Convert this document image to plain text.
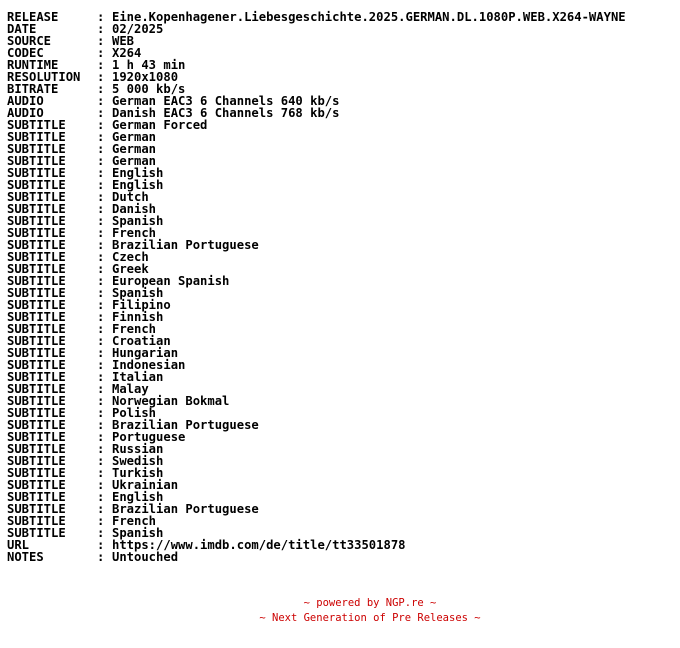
RELEASE	: Eine.Kopenhagener.Liebesgeschichte.2025.GERMAN.DL.1080P.WEB.X264-WAYNE
DATE	: 02/2025
SOURCE	: WEB
CODEC	: X264
RUNTIME	: 1 h 43 min
RESOLUTION : 1920x1080
BITRATE	: 5 000 kb/s
AUDIO	: German EAC3 6 Channels 640 kb/s
AUDIO	: Danish EAC3 6 Channels 768 kb/s
SUBTITLE	: German Forced
SUBTITLE	: German
SUBTITLE	: German
SUBTITLE	: German
SUBTITLE	: English
SUBTITLE	: English
SUBTITLE	: Dutch
SUBTITLE	: Danish
SUBTITLE	: Spanish
SUBTITLE	: French
SUBTITLE	: Brazilian Portuguese
SUBTITLE	: Czech
SUBTITLE	: Greek
SUBTITLE	: European Spanish
SUBTITLE	: Spanish
SUBTITLE	: Filipino
SUBTITLE	: Finnish
SUBTITLE	: French
SUBTITLE	: Croatian
SUBTITLE	: Hungarian
SUBTITLE	: Indonesian
SUBTITLE	: Italian
SUBTITLE	: Malay
SUBTITLE	: Norwegian Bokmal
SUBTITLE	: Polish
SUBTITLE	: Brazilian Portuguese
SUBTITLE	: Portuguese
SUBTITLE	: Russian
SUBTITLE	: Swedish
SUBTITLE	: Turkish
SUBTITLE	: Ukrainian
SUBTITLE	: English
SUBTITLE	: Brazilian Portuguese
SUBTITLE	: French
SUBTITLE	: Spanish
URL	: https://www.imdb.com/de/title/tt33501878
NOTES	: Untouched
~ powered by NGP.re ~
~ Next Generation of Pre Releases ~
